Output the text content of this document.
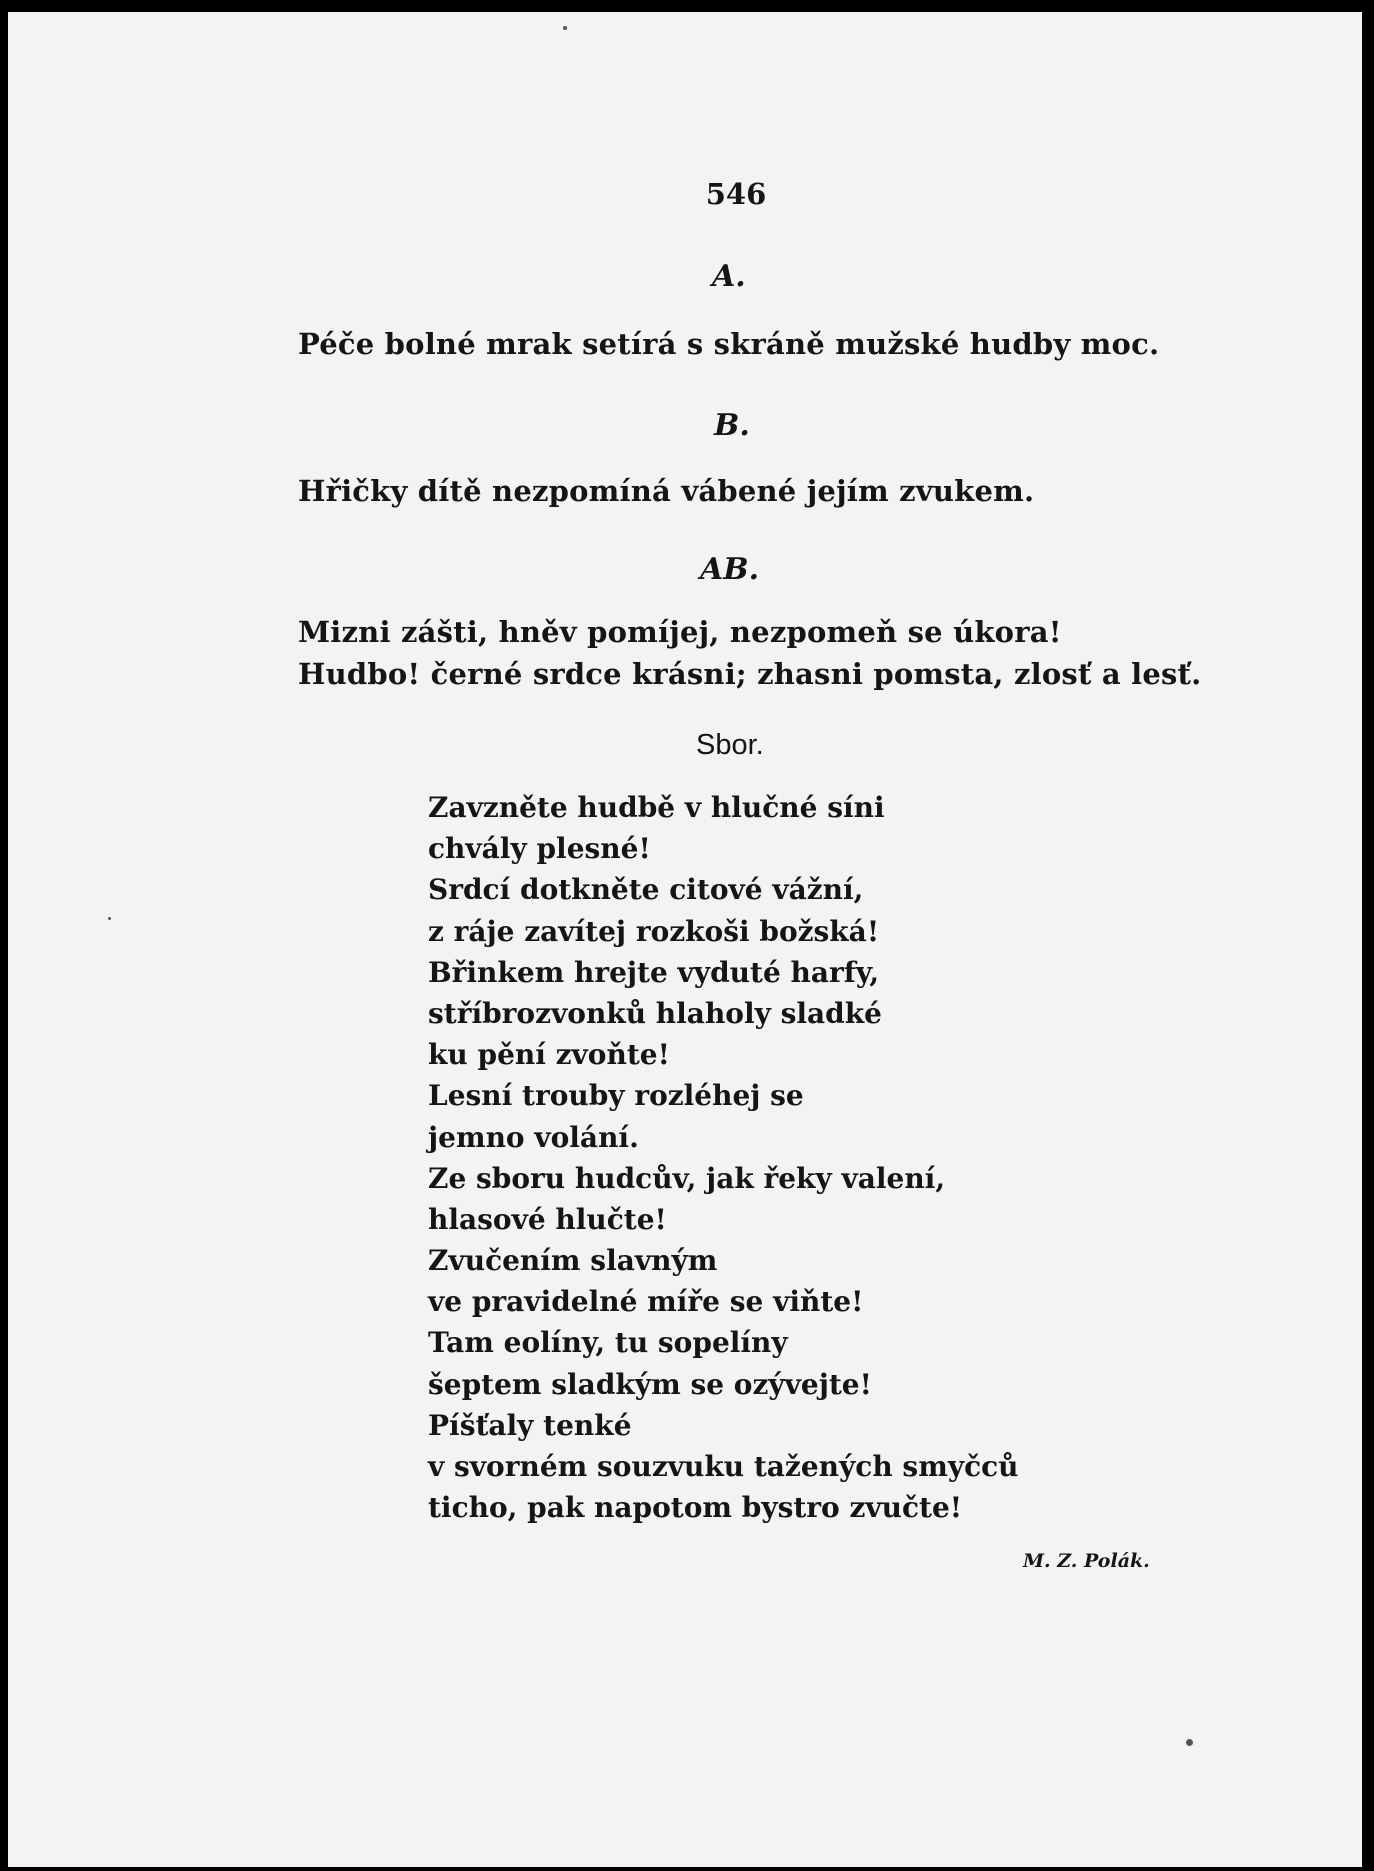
546
A.
Péče bolné mrak setírá s skráně mužské hudby moc.
B.
Hřičky dítě nezpomíná vábené jejím zvukem.
AB.
Mizni zášti, hněv pomíjej, nezpomeň se úkora!
Hudbo! černé srdce krásni; zhasni pomsta, zlosť a lesť.
Sbor.
Zavzněte hudbě v hlučné síni
chvály plesné!
Srdcí dotkněte citové vážní,
z ráje zavítej rozkoši božská!
Břinkem hrejte vyduté harfy,
stříbrozvonků hlaholy sladké
ku pění zvoňte!
Lesní trouby rozléhej se
jemno volání.
Ze sboru hudcův, jak řeky valení,
hlasové hlučte!
Zvučením slavným
ve pravidelné míře se viňte!
Tam eolíny, tu sopelíny
šeptem sladkým se ozývejte!
Píšťaly tenké
v svorném souzvuku tažených smyčců
ticho, pak napotom bystro zvučte!
M. Z. Polák.
